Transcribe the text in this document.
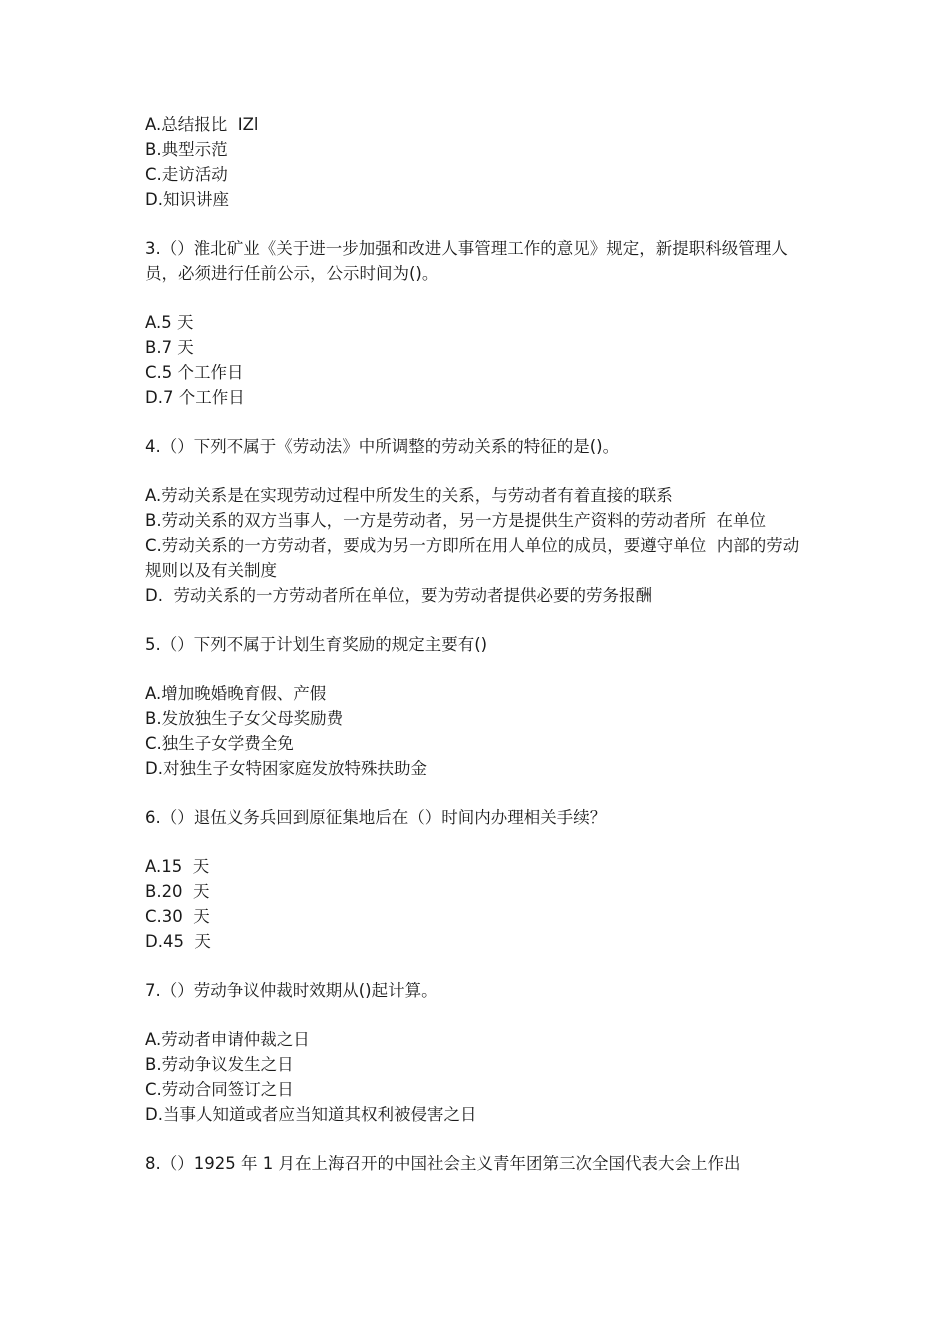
A.总结报比  IZl

B.典型示范

C.走访活动

D.知识讲座

3.（）淮北矿业《关于进一步加强和改进人事管理工作的意见》规定，新提职科级管理人员，必须进行任前公示，公示时间为()。

A.5 天

B.7 天

C.5 个工作日

D.7 个工作日

4.（）下列不属于《劳动法》中所调整的劳动关系的特征的是()。

A.劳动关系是在实现劳动过程中所发生的关系，与劳动者有着直接的联系

B.劳动关系的双方当事人，一方是劳动者，另一方是提供生产资料的劳动者所  在单位

C.劳动关系的一方劳动者，要成为另一方即所在用人单位的成员，要遵守单位  内部的劳动规则以及有关制度

D.  劳动关系的一方劳动者所在单位，要为劳动者提供必要的劳务报酬

5.（）下列不属于计划生育奖励的规定主要有()

A.增加晚婚晚育假、产假

B.发放独生子女父母奖励费

C.独生子女学费全免

D.对独生子女特困家庭发放特殊扶助金

6.（）退伍义务兵回到原征集地后在（）时间内办理相关手续？

A.15  天

B.20  天

C.30  天

D.45  天

7.（）劳动争议仲裁时效期从()起计算。

A.劳动者申请仲裁之日

B.劳动争议发生之日

C.劳动合同签订之日

D.当事人知道或者应当知道其权利被侵害之日

8.（）1925 年 1 月在上海召开的中国社会主义青年团第三次全国代表大会上作出
